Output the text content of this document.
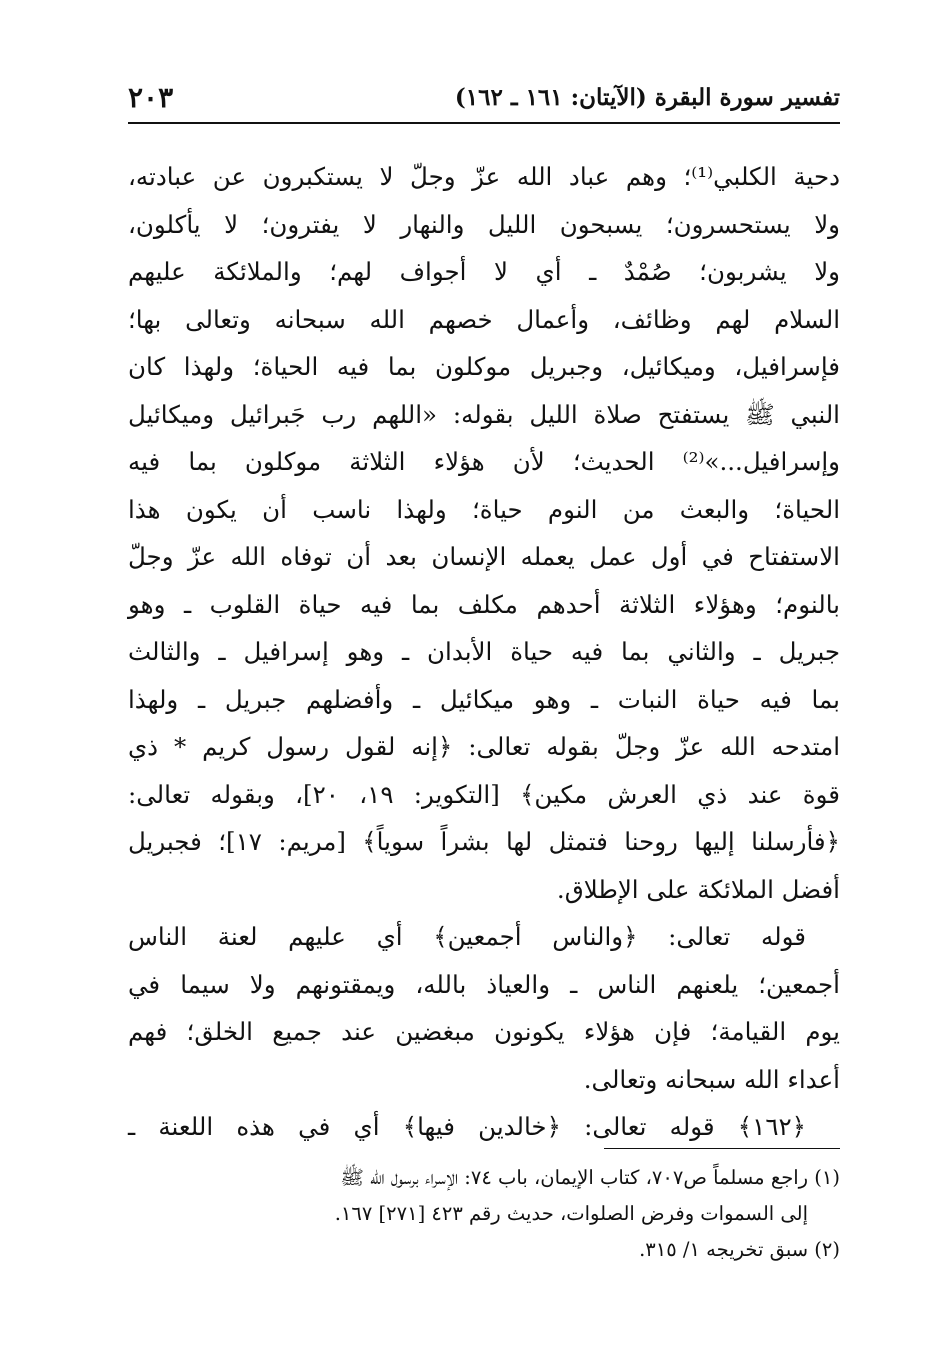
تفسير سورة البقرة (الآيتان: ١٦١ ـ ١٦٢)
٢٠٣
دحية الكلبي⁽¹⁾؛ وهم عباد الله عزّ وجلّ لا يستكبرون عن عبادته،
ولا يستحسرون؛ يسبحون الليل والنهار لا يفترون؛ لا يأكلون،
ولا يشربون؛ صُمْدٌ ـ أي لا أجواف لهم؛ والملائكة عليهم
السلام لهم وظائف، وأعمال خصهم الله سبحانه وتعالى بها؛
فإسرافيل، وميكائيل، وجبريل موكلون بما فيه الحياة؛ ولهذا كان
النبي ﷺ يستفتح صلاة الليل بقوله: «اللهم رب جَبرائيل وميكائيل
وإسرافيل...»⁽²⁾ الحديث؛ لأن هؤلاء الثلاثة موكلون بما فيه
الحياة؛ والبعث من النوم حياة؛ ولهذا ناسب أن يكون هذا
الاستفتاح في أول عمل يعمله الإنسان بعد أن توفاه الله عزّ وجلّ
بالنوم؛ وهؤلاء الثلاثة أحدهم مكلف بما فيه حياة القلوب ـ وهو
جبريل ـ والثاني بما فيه حياة الأبدان ـ وهو إسرافيل ـ والثالث
بما فيه حياة النبات ـ وهو ميكائيل ـ وأفضلهم جبريل ـ ولهذا
امتدحه الله عزّ وجلّ بقوله تعالى: ﴿إنه لقول رسول كريم * ذي
قوة عند ذي العرش مكين﴾ [التكوير: ١٩، ٢٠]، وبقوله تعالى:
﴿فأرسلنا إليها روحنا فتمثل لها بشراً سوياً﴾ [مريم: ١٧]؛ فجبريل
أفضل الملائكة على الإطلاق.
قوله تعالى: ﴿والناس أجمعين﴾ أي عليهم لعنة الناس
أجمعين؛ يلعنهم الناس ـ والعياذ بالله، ويمقتونهم ولا سيما في
يوم القيامة؛ فإن هؤلاء يكونون مبغضين عند جميع الخلق؛ فهم
أعداء الله سبحانه وتعالى.
﴿١٦٢﴾ قوله تعالى: ﴿خالدين فيها﴾ أي في هذه اللعنة ـ
(١) راجع مسلماً ص٧٠٧، كتاب الإيمان، باب ٧٤: الإسراء برسول الله ﷺ
إلى السموات وفرض الصلوات، حديث رقم ٤٢٣ [٢٧١] ١٦٧.
(٢) سبق تخريجه ١/ ٣١٥.
